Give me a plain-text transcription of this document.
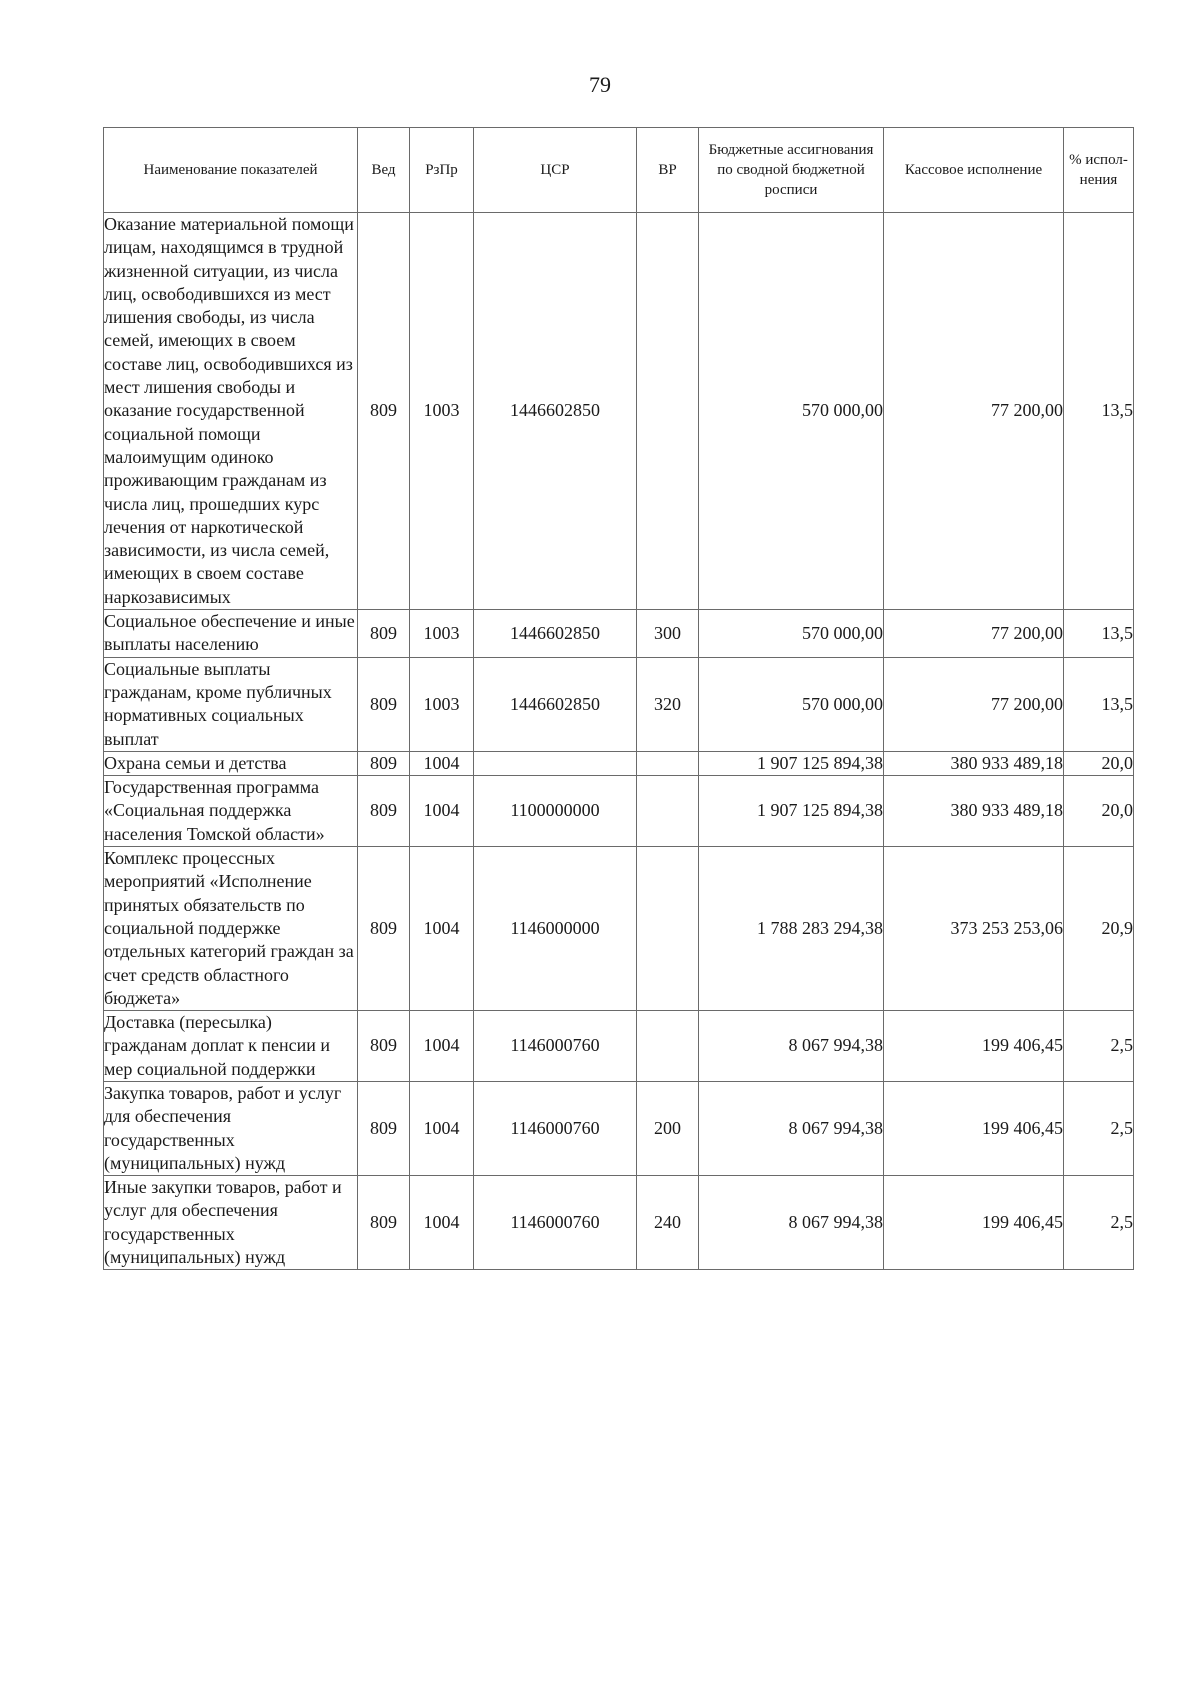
79
Наименование показателей	Вед	РзПр	ЦСР	ВР	Бюджетные ассигнования по сводной бюджетной росписи	Кассовое исполнение	% испол- нения
Оказание материальной помощи лицам, находящимся в трудной жизненной ситуации, из числа лиц, освободившихся из мест лишения свободы, из числа семей, имеющих в своем составе лиц, освободившихся из мест лишения свободы и оказание государственной социальной помощи малоимущим одиноко проживающим гражданам из числа лиц, прошедших курс лечения от наркотической зависимости, из числа семей, имеющих в своем составе наркозависимых	809	1003	1446602850		570 000,00	77 200,00	13,5
Социальное обеспечение и иные выплаты населению	809	1003	1446602850	300	570 000,00	77 200,00	13,5
Социальные выплаты гражданам, кроме публичных нормативных социальных выплат	809	1003	1446602850	320	570 000,00	77 200,00	13,5
Охрана семьи и детства	809	1004			1 907 125 894,38	380 933 489,18	20,0
Государственная программа «Социальная поддержка населения Томской области»	809	1004	1100000000		1 907 125 894,38	380 933 489,18	20,0
Комплекс процессных мероприятий «Исполнение принятых обязательств по социальной поддержке отдельных категорий граждан за счет средств областного бюджета»	809	1004	1146000000		1 788 283 294,38	373 253 253,06	20,9
Доставка (пересылка) гражданам доплат к пенсии и мер социальной поддержки	809	1004	1146000760		8 067 994,38	199 406,45	2,5
Закупка товаров, работ и услуг для обеспечения государственных (муниципальных) нужд	809	1004	1146000760	200	8 067 994,38	199 406,45	2,5
Иные закупки товаров, работ и услуг для обеспечения государственных (муниципальных) нужд	809	1004	1146000760	240	8 067 994,38	199 406,45	2,5
